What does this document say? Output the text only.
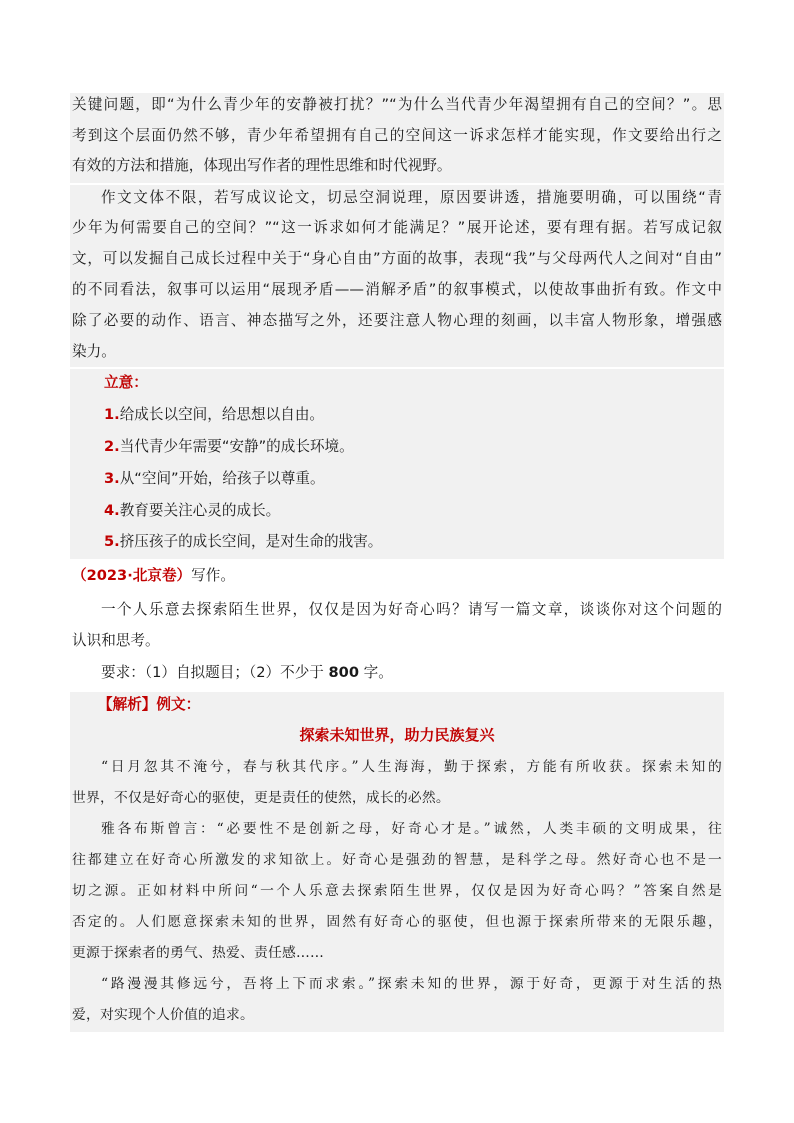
关键问题，即“为什么青少年的安静被打扰？”“为什么当代青少年渴望拥有自己的空间？”。思
考到这个层面仍然不够，青少年希望拥有自己的空间这一诉求怎样才能实现，作文要给出行之
有效的方法和措施，体现出写作者的理性思维和时代视野。
作文文体不限，若写成议论文，切忌空洞说理，原因要讲透，措施要明确，可以围绕“青
少年为何需要自己的空间？”“这一诉求如何才能满足？”展开论述，要有理有据。若写成记叙
文，可以发掘自己成长过程中关于“身心自由”方面的故事，表现“我”与父母两代人之间对“自由”
的不同看法，叙事可以运用“展现矛盾——消解矛盾”的叙事模式，以使故事曲折有致。作文中
除了必要的动作、语言、神态描写之外，还要注意人物心理的刻画，以丰富人物形象，增强感
染力。
立意：
1.给成长以空间，给思想以自由。
2.当代青少年需要“安静”的成长环境。
3.从“空间”开始，给孩子以尊重。
4.教育要关注心灵的成长。
5.挤压孩子的成长空间，是对生命的戕害。
（2023·北京卷）写作。
一个人乐意去探索陌生世界，仅仅是因为好奇心吗？请写一篇文章，谈谈你对这个问题的
认识和思考。
要求：（1）自拟题目；（2）不少于 800 字。
【解析】例文：
探索未知世界，助力民族复兴
“日月忽其不淹兮，春与秋其代序。”人生海海，勤于探索，方能有所收获。探索未知的
世界，不仅是好奇心的驱使，更是责任的使然，成长的必然。
雅各布斯曾言：“必要性不是创新之母，好奇心才是。”诚然，人类丰硕的文明成果，往
往都建立在好奇心所激发的求知欲上。好奇心是强劲的智慧，是科学之母。然好奇心也不是一
切之源。正如材料中所问“一个人乐意去探索陌生世界，仅仅是因为好奇心吗？”答案自然是
否定的。人们愿意探索未知的世界，固然有好奇心的驱使，但也源于探索所带来的无限乐趣，
更源于探索者的勇气、热爱、责任感……
“路漫漫其修远兮，吾将上下而求索。”探索未知的世界，源于好奇，更源于对生活的热
爱，对实现个人价值的追求。
